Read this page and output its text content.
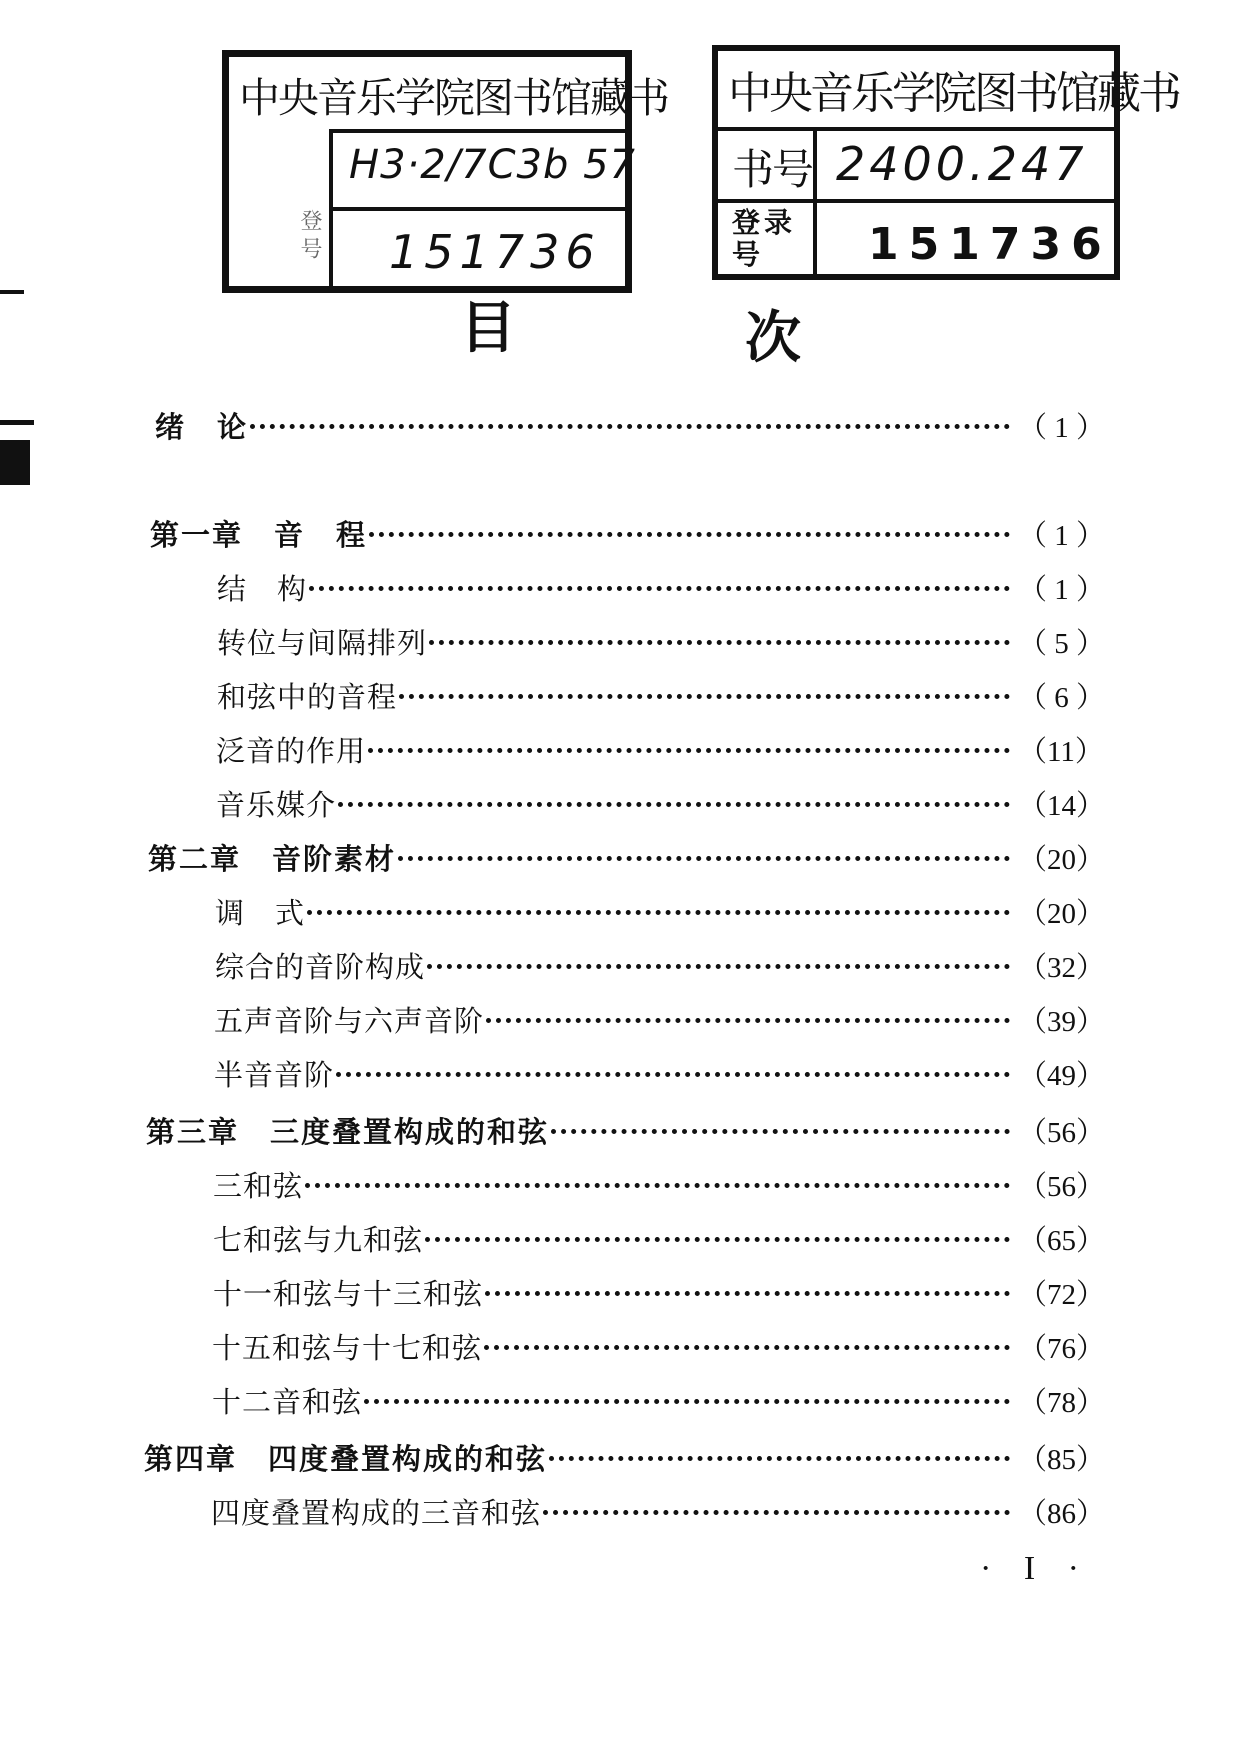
中央音乐学院图书馆藏书
登号
H3·2/7C3b 57
151736
中央音乐学院图书馆藏书
书号
登录号
2400.247
151736
目	次
绪　论	（ 1 ）
第一章　音　程	（ 1 ）
结　构	（ 1 ）
转位与间隔排列	（ 5 ）
和弦中的音程	（ 6 ）
泛音的作用	（11）
音乐媒介	（14）
第二章　音阶素材	（20）
调　式	（20）
综合的音阶构成	（32）
五声音阶与六声音阶	（39）
半音音阶	（49）
第三章　三度叠置构成的和弦	（56）
三和弦	（56）
七和弦与九和弦	（65）
十一和弦与十三和弦	（72）
十五和弦与十七和弦	（76）
十二音和弦	（78）
第四章　四度叠置构成的和弦	（85）
四度叠置构成的三音和弦	（86）
· I ·
